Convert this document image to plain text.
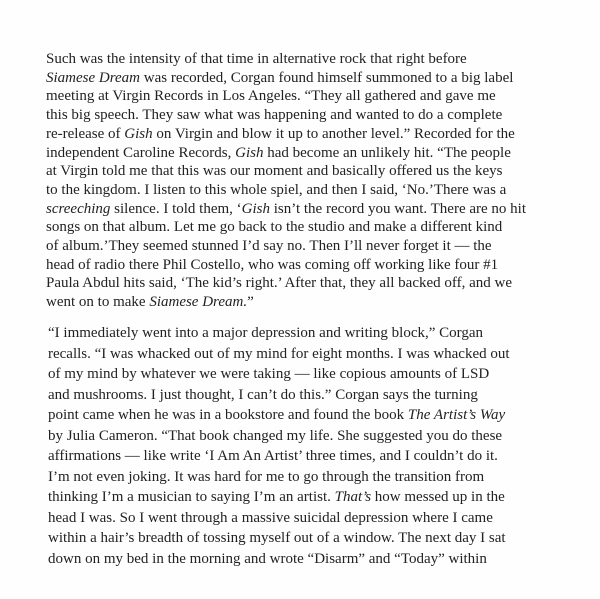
Such was the intensity of that time in alternative rock that right before
Siamese Dream was recorded, Corgan found himself summoned to a big label
meeting at Virgin Records in Los Angeles. “They all gathered and gave me
this big speech. They saw what was happening and wanted to do a complete
re-release of Gish on Virgin and blow it up to another level.” Recorded for the
independent Caroline Records, Gish had become an unlikely hit. “The people
at Virgin told me that this was our moment and basically offered us the keys
to the kingdom. I listen to this whole spiel, and then I said, ‘No.’There was a
screeching silence. I told them, ‘Gish isn’t the record you want. There are no hit
songs on that album. Let me go back to the studio and make a different kind
of album.’They seemed stunned I’d say no. Then I’ll never forget it — the
head of radio there Phil Costello, who was coming off working like four #1
Paula Abdul hits said, ‘The kid’s right.’ After that, they all backed off, and we
went on to make Siamese Dream.”
“I immediately went into a major depression and writing block,” Corgan
recalls. “I was whacked out of my mind for eight months. I was whacked out
of my mind by whatever we were taking — like copious amounts of LSD
and mushrooms. I just thought, I can’t do this.” Corgan says the turning
point came when he was in a bookstore and found the book The Artist’s Way
by Julia Cameron. “That book changed my life. She suggested you do these
affirmations — like write ‘I Am An Artist’ three times, and I couldn’t do it.
I’m not even joking. It was hard for me to go through the transition from
thinking I’m a musician to saying I’m an artist. That’s how messed up in the
head I was. So I went through a massive suicidal depression where I came
within a hair’s breadth of tossing myself out of a window. The next day I sat
down on my bed in the morning and wrote “Disarm” and “Today” within
